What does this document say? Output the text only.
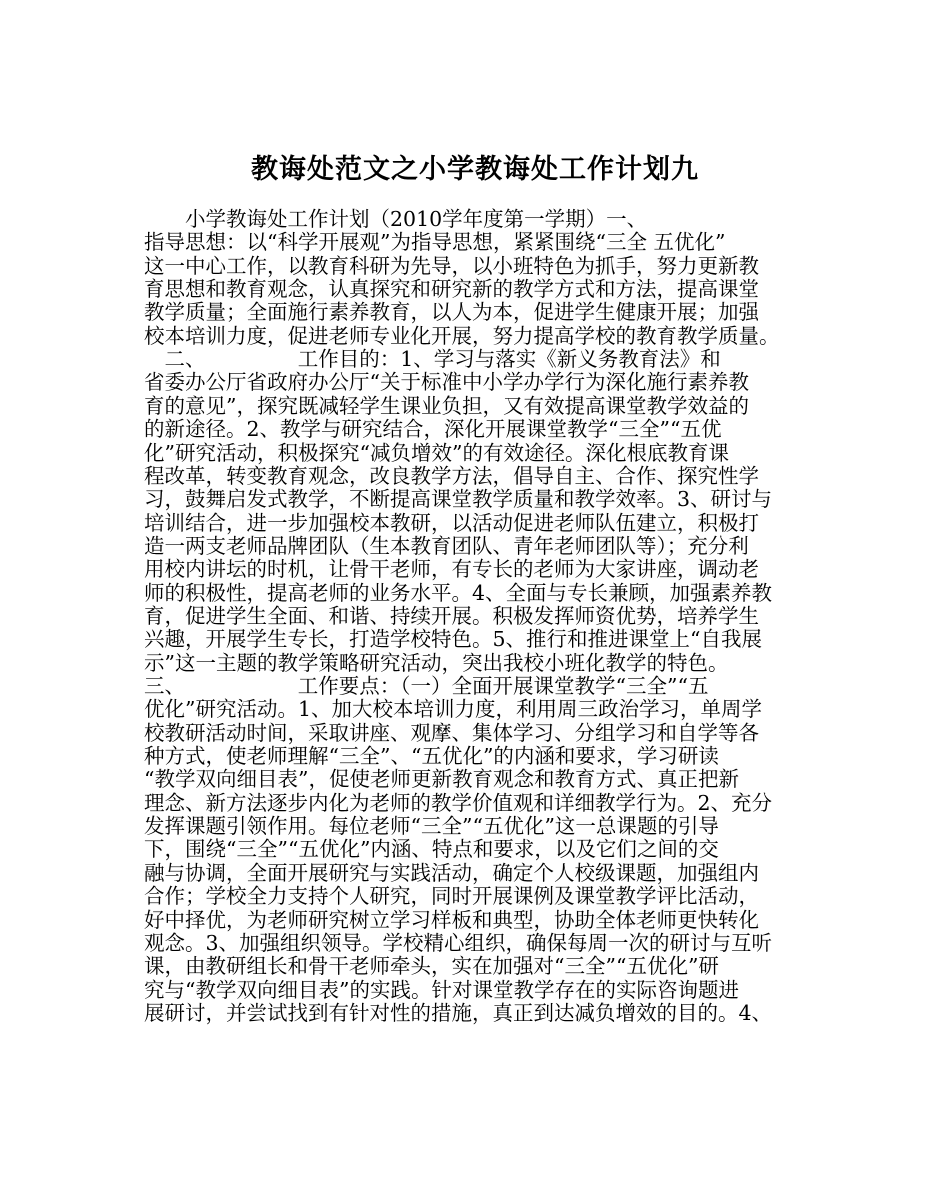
教诲处范文之小学教诲处工作计划九
　　小学教诲处工作计划（2010学年度第一学期）一、
指导思想：以“科学开展观”为指导思想，紧紧围绕“三全 五优化”
这一中心工作，以教育科研为先导，以小班特色为抓手，努力更新教
育思想和教育观念，认真探究和研究新的教学方式和方法，提高课堂
教学质量；全面施行素养教育，以人为本，促进学生健康开展；加强
校本培训力度，促进老师专业化开展，努力提高学校的教育教学质量。
　二、　　　　　工作目的：1、学习与落实《新义务教育法》和
省委办公厅省政府办公厅“关于标准中小学办学行为深化施行素养教
育的意见”，探究既减轻学生课业负担，又有效提高课堂教学效益的
的新途径。2、教学与研究结合，深化开展课堂教学“三全”“五优
化”研究活动，积极探究“减负增效”的有效途径。深化根底教育课
程改革，转变教育观念，改良教学方法，倡导自主、合作、探究性学
习，鼓舞启发式教学，不断提高课堂教学质量和教学效率。3、研讨与
培训结合，进一步加强校本教研，以活动促进老师队伍建立，积极打
造一两支老师品牌团队（生本教育团队、青年老师团队等）；充分利
用校内讲坛的时机，让骨干老师，有专长的老师为大家讲座，调动老
师的积极性，提高老师的业务水平。4、全面与专长兼顾，加强素养教
育，促进学生全面、和谐、持续开展。积极发挥师资优势，培养学生
兴趣，开展学生专长，打造学校特色。5、推行和推进课堂上“自我展
示”这一主题的教学策略研究活动，突出我校小班化教学的特色。
三、　　　　　　工作要点：（一）全面开展课堂教学“三全”“五
优化”研究活动。1、加大校本培训力度，利用周三政治学习，单周学
校教研活动时间，采取讲座、观摩、集体学习、分组学习和自学等各
种方式，使老师理解“三全”、“五优化”的内涵和要求，学习研读
“教学双向细目表”，促使老师更新教育观念和教育方式、真正把新
理念、新方法逐步内化为老师的教学价值观和详细教学行为。2、充分
发挥课题引领作用。每位老师“三全”“五优化”这一总课题的引导
下，围绕“三全”“五优化”内涵、特点和要求，以及它们之间的交
融与协调，全面开展研究与实践活动，确定个人校级课题，加强组内
合作；学校全力支持个人研究，同时开展课例及课堂教学评比活动，
好中择优，为老师研究树立学习样板和典型，协助全体老师更快转化
观念。3、加强组织领导。学校精心组织，确保每周一次的研讨与互听
课，由教研组长和骨干老师牵头，实在加强对“三全”“五优化”研
究与“教学双向细目表”的实践。针对课堂教学存在的实际咨询题进
展研讨，并尝试找到有针对性的措施，真正到达减负增效的目的。4、
